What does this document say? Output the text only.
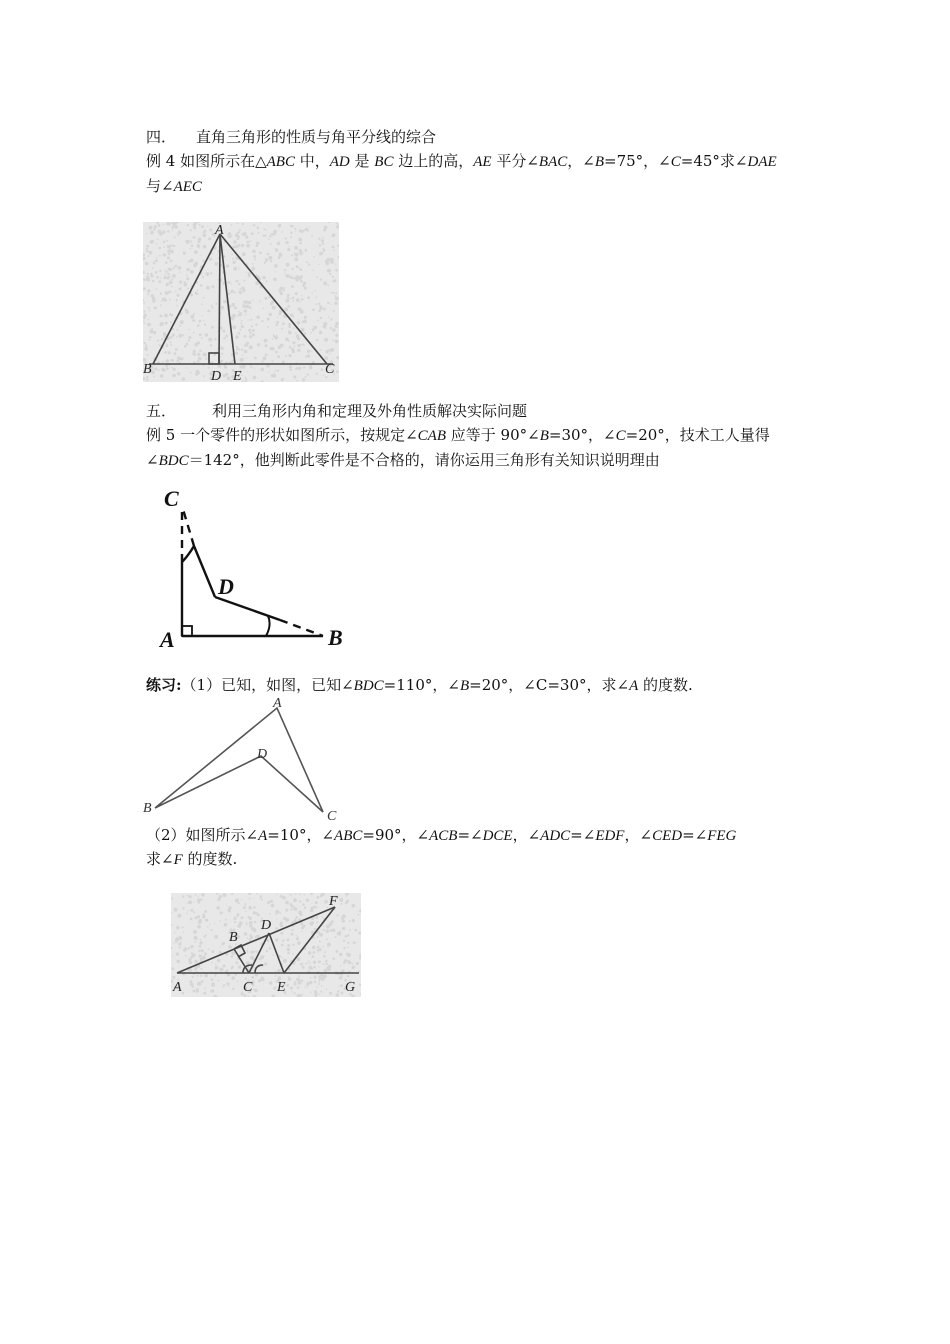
四． 直角三角形的性质与角平分线的综合
例 4 如图所示在△ABC 中，AD 是 BC 边上的高，AE 平分∠BAC，∠B=75°，∠C=45°求∠DAE
与∠AEC
A
B	D E	C
五． 利用三角形内角和定理及外角性质解决实际问题
例 5 一个零件的形状如图所示，按规定∠CAB 应等于 90°∠B=30°，∠C=20°，技术工人量得
∠BDC＝142°，他判断此零件是不合格的，请你运用三角形有关知识说明理由
C
D
A	B
练习:（1）已知，如图，已知∠BDC=110°，∠B=20°，∠C=30°，求∠A 的度数.
A
D
B
C
（2）如图所示∠A=10°，∠ABC=90°，∠ACB=∠DCE，∠ADC=∠EDF，∠CED=∠FEG
求∠F 的度数.
F
D
B
A	C E	G
